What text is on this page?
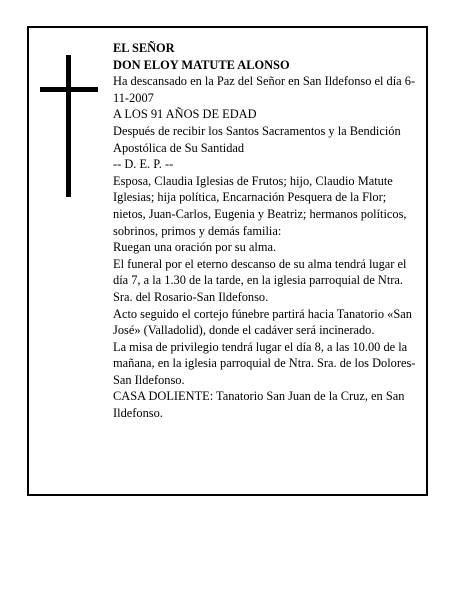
EL SEÑOR

DON ELOY MATUTE ALONSO

Ha descansado en la Paz del Señor en San Ildefonso el día 6-11-2007

A LOS 91 AÑOS DE EDAD

Después de recibir los Santos Sacramentos y la Bendición Apostólica de Su Santidad

-- D. E. P. --

Esposa, Claudia Iglesias de Frutos; hijo, Claudio Matute Iglesias; hija política, Encarnación Pesquera de la Flor; nietos, Juan-Carlos, Eugenia y Beatriz; hermanos políticos, sobrinos, primos y demás familia:

Ruegan una oración por su alma.

El funeral por el eterno descanso de su alma tendrá lugar el día 7, a la 1.30 de la tarde, en la iglesia parroquial de Ntra. Sra. del Rosario-San Ildefonso.

Acto seguido el cortejo fúnebre partirá hacia Tanatorio «San José» (Valladolid), donde el cadáver será incinerado.

La misa de privilegio tendrá lugar el día 8, a las 10.00 de la mañana, en la iglesia parroquial de Ntra. Sra. de los Dolores-San Ildefonso.

CASA DOLIENTE: Tanatorio San Juan de la Cruz, en San Ildefonso.
